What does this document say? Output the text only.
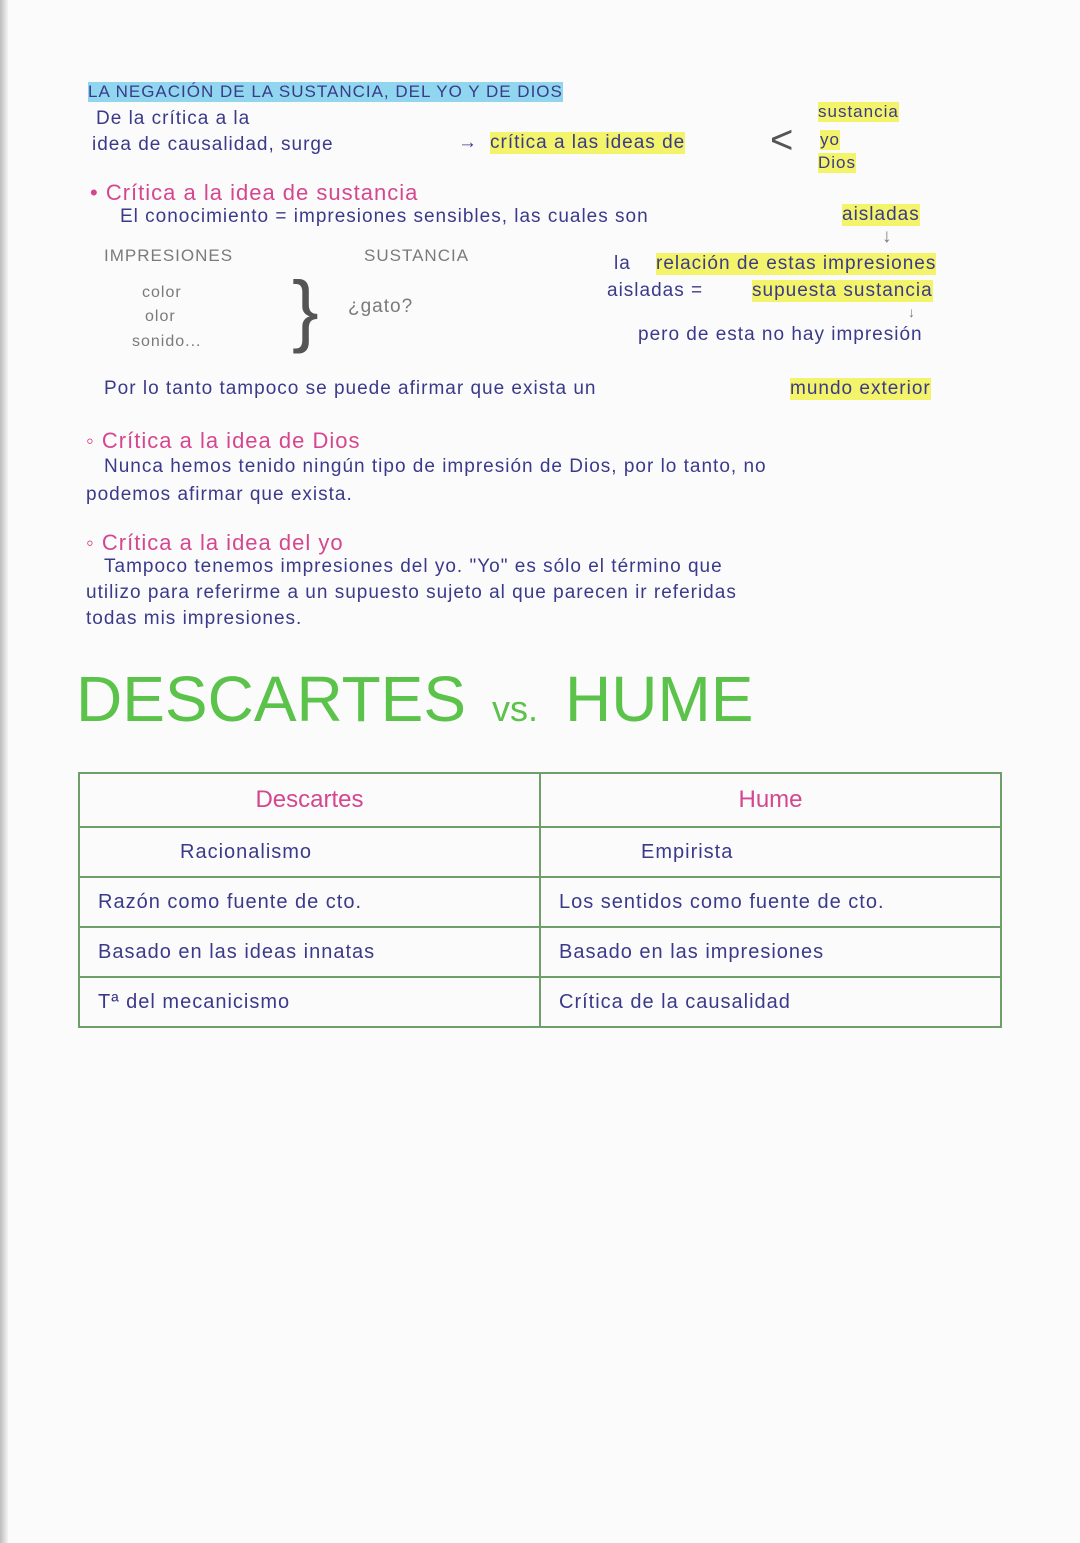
LA NEGACIÓN DE LA SUSTANCIA, DEL YO Y DE DIOS
De la crítica a la
idea de causalidad, surge	→ crítica a las ideas de <
sustancia
yo
Dios
• Crítica a la idea de sustancia
El conocimiento = impresiones sensibles, las cuales son	aisladas
↓
IMPRESIONES	SUSTANCIA
color
olor
sonido... } ¿gato?
la relación de estas impresiones
aisladas =	supuesta sustancia
↓
pero de esta no hay impresión
Por lo tanto tampoco se puede afirmar que exista un	mundo exterior
◦ Crítica a la idea de Dios
Nunca hemos tenido ningún tipo de impresión de Dios, por lo tanto, no
podemos afirmar que exista.
◦ Crítica a la idea del yo
Tampoco tenemos impresiones del yo. "Yo" es sólo el término que
utilizo para referirme a un supuesto sujeto al que parecen ir referidas
todas mis impresiones.
DESCARTES vs. HUME
Descartes	Hume
Racionalismo	Empirista
Razón como fuente de cto.	Los sentidos como fuente de cto.
Basado en las ideas innatas	Basado en las impresiones
Tª del mecanicismo	Crítica de la causalidad
